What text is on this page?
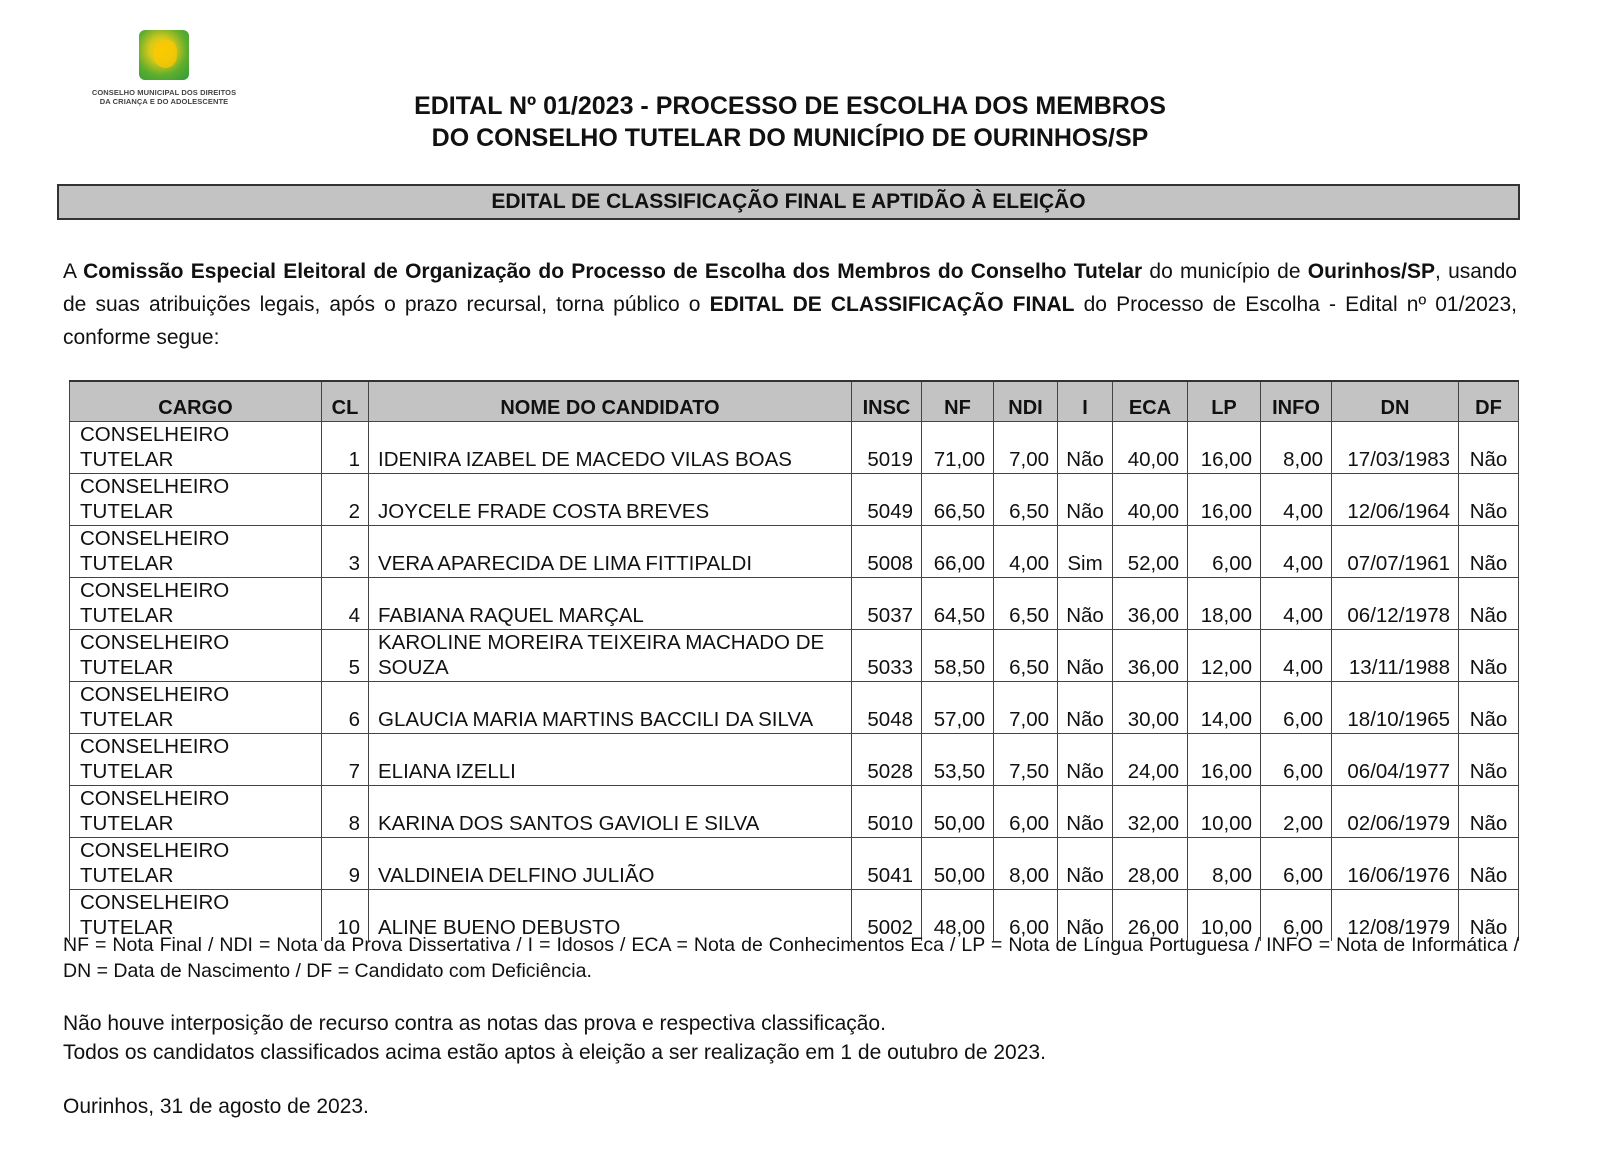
CONSELHO MUNICIPAL DOS DIREITOS
DA CRIANÇA E DO ADOLESCENTE	EDITAL Nº 01/2023 - PROCESSO DE ESCOLHA DOS MEMBROS
DO CONSELHO TUTELAR DO MUNICÍPIO DE OURINHOS/SP
EDITAL DE CLASSIFICAÇÃO FINAL E APTIDÃO À ELEIÇÃO
A Comissão Especial Eleitoral de Organização do Processo de Escolha dos Membros do Conselho Tutelar do município de Ourinhos/SP, usando de suas atribuições legais, após o prazo recursal, torna público o EDITAL DE CLASSIFICAÇÃO FINAL do Processo de Escolha - Edital nº 01/2023, conforme segue:
CARGO	CL	NOME DO CANDIDATO	INSC	NF	NDI	I	ECA	LP	INFO	DN	DF
CONSELHEIRO TUTELAR	1	IDENIRA IZABEL DE MACEDO VILAS BOAS	5019	71,00	7,00	Não	40,00	16,00	8,00	17/03/1983	Não
CONSELHEIRO TUTELAR	2	JOYCELE FRADE COSTA BREVES	5049	66,50	6,50	Não	40,00	16,00	4,00	12/06/1964	Não
CONSELHEIRO TUTELAR	3	VERA APARECIDA DE LIMA FITTIPALDI	5008	66,00	4,00	Sim	52,00	6,00	4,00	07/07/1961	Não
CONSELHEIRO TUTELAR	4	FABIANA RAQUEL MARÇAL	5037	64,50	6,50	Não	36,00	18,00	4,00	06/12/1978	Não
CONSELHEIRO TUTELAR	5	KAROLINE MOREIRA TEIXEIRA MACHADO DE SOUZA	5033	58,50	6,50	Não	36,00	12,00	4,00	13/11/1988	Não
CONSELHEIRO TUTELAR	6	GLAUCIA MARIA MARTINS BACCILI DA SILVA	5048	57,00	7,00	Não	30,00	14,00	6,00	18/10/1965	Não
CONSELHEIRO TUTELAR	7	ELIANA IZELLI	5028	53,50	7,50	Não	24,00	16,00	6,00	06/04/1977	Não
CONSELHEIRO TUTELAR	8	KARINA DOS SANTOS GAVIOLI E SILVA	5010	50,00	6,00	Não	32,00	10,00	2,00	02/06/1979	Não
CONSELHEIRO TUTELAR	9	VALDINEIA DELFINO JULIÃO	5041	50,00	8,00	Não	28,00	8,00	6,00	16/06/1976	Não
CONSELHEIRO TUTELAR	10	ALINE BUENO DEBUSTO	5002	48,00	6,00	Não	26,00	10,00	6,00	12/08/1979	Não
NF = Nota Final / NDI = Nota da Prova Dissertativa / I = Idosos / ECA = Nota de Conhecimentos Eca / LP = Nota de Língua Portuguesa / INFO = Nota de Informática / DN = Data de Nascimento / DF = Candidato com Deficiência.
Não houve interposição de recurso contra as notas das prova e respectiva classificação.
Todos os candidatos classificados acima estão aptos à eleição a ser realização em 1 de outubro de 2023.
Ourinhos, 31 de agosto de 2023.
